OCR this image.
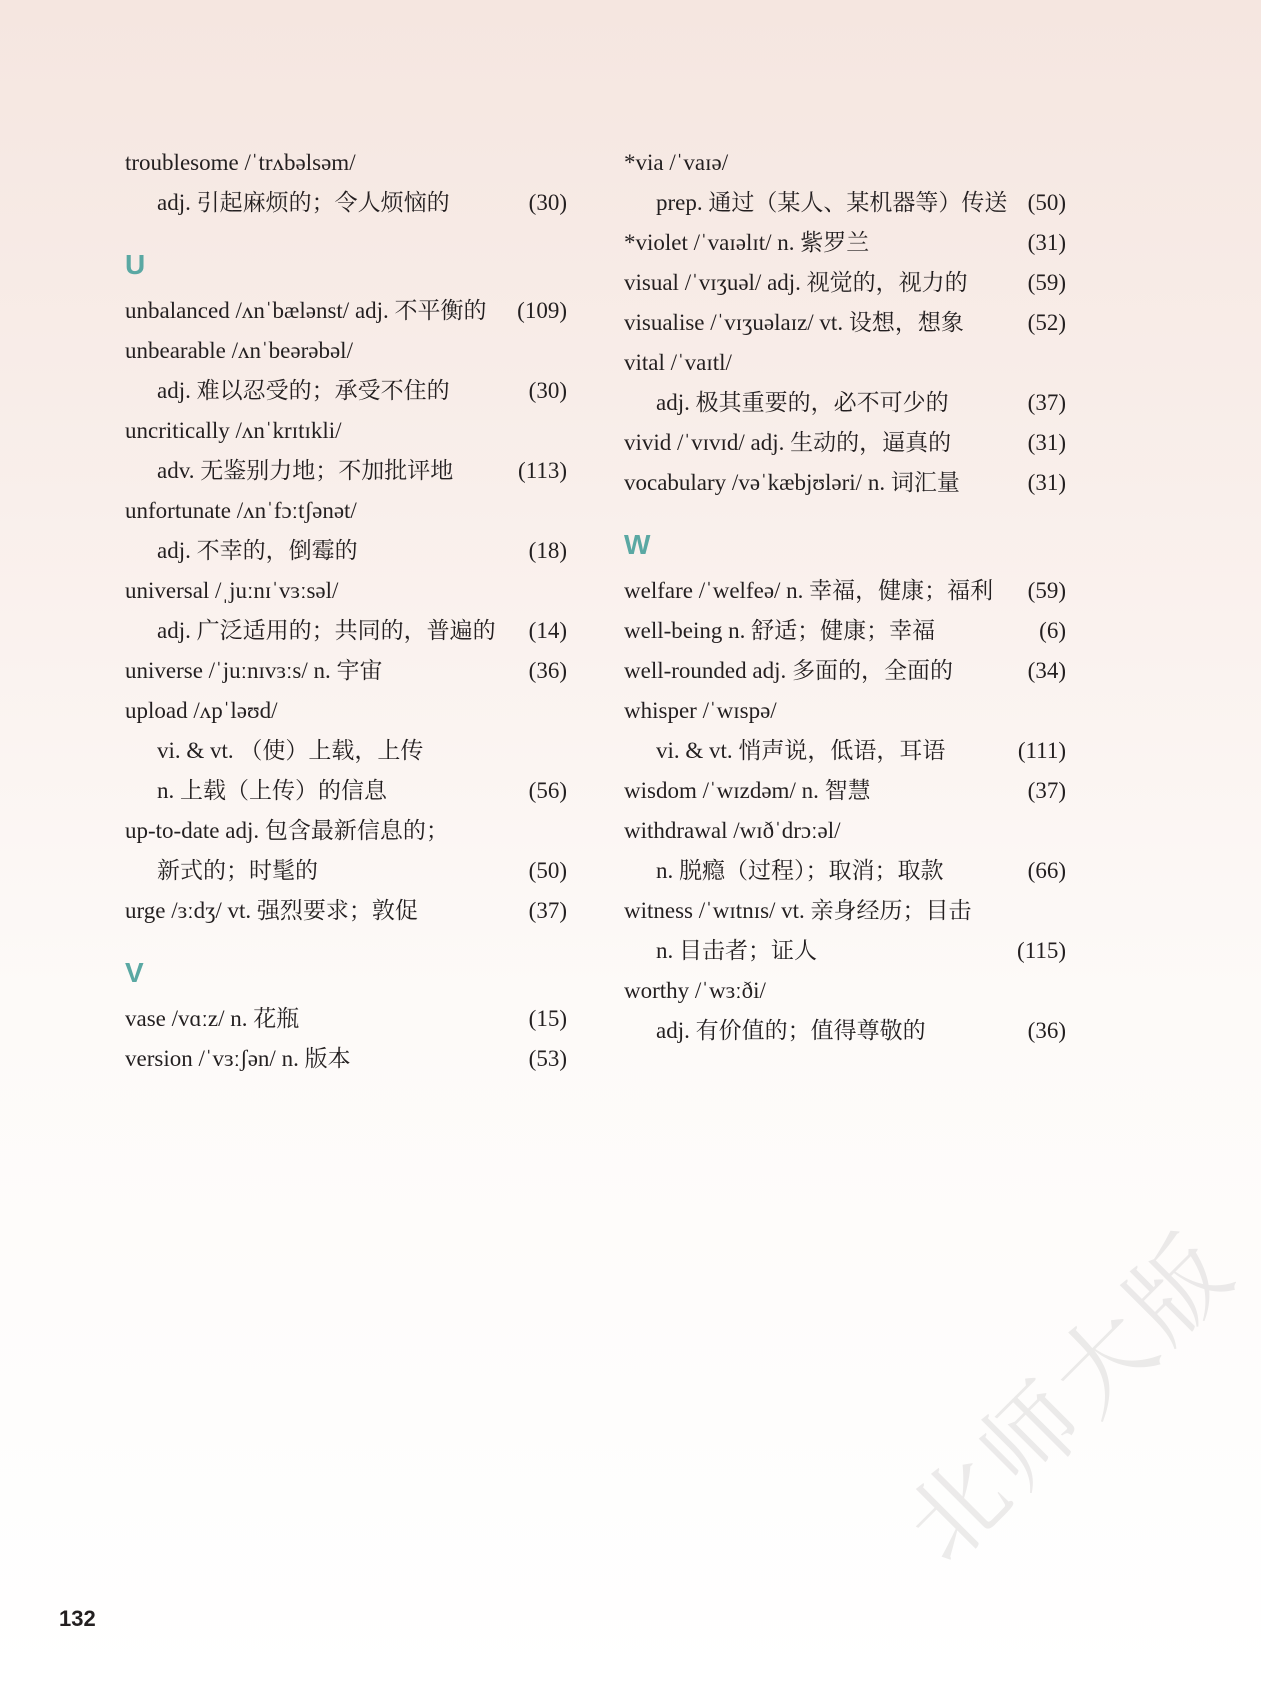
troublesome /ˈtrʌbəlsəm/
adj. 引起麻烦的；令人烦恼的	(30)
U
unbalanced /ʌnˈbælənst/ adj. 不平衡的 (109)
unbearable /ʌnˈbeərəbəl/
adj. 难以忍受的；承受不住的	(30)
uncritically /ʌnˈkrɪtɪkli/
adv. 无鉴别力地；不加批评地	(113)
unfortunate /ʌnˈfɔːtʃənət/
adj. 不幸的，倒霉的	(18)
universal /ˌjuːnɪˈvɜːsəl/
adj. 广泛适用的；共同的，普遍的 (14)
universe /ˈjuːnɪvɜːs/ n. 宇宙	(36)
upload /ʌpˈləʊd/
vi. & vt. （使）上载，上传
n. 上载（上传）的信息	(56)
up-to-date adj. 包含最新信息的；
新式的；时髦的	(50)
urge /ɜːdʒ/ vt. 强烈要求；敦促	(37)
V
vase /vɑːz/ n. 花瓶	(15)
version /ˈvɜːʃən/ n. 版本	(53)
*via /ˈvaɪə/
prep. 通过（某人、某机器等）传送 (50)
*violet /ˈvaɪəlɪt/ n. 紫罗兰	(31)
visual /ˈvɪʒuəl/ adj. 视觉的，视力的	(59)
visualise /ˈvɪʒuəlaɪz/ vt. 设想，想象	(52)
vital /ˈvaɪtl/
adj. 极其重要的，必不可少的	(37)
vivid /ˈvɪvɪd/ adj. 生动的，逼真的	(31)
vocabulary /vəˈkæbjʊləri/ n. 词汇量	(31)
W
welfare /ˈwelfeə/ n. 幸福，健康；福利 (59)
well-being n. 舒适；健康；幸福	(6)
well-rounded adj. 多面的，全面的	(34)
whisper /ˈwɪspə/
vi. & vt. 悄声说，低语，耳语	(111)
wisdom /ˈwɪzdəm/ n. 智慧	(37)
withdrawal /wɪðˈdrɔːəl/
n. 脱瘾（过程）；取消；取款	(66)
witness /ˈwɪtnɪs/ vt. 亲身经历；目击
n. 目击者；证人	(115)
worthy /ˈwɜːði/
adj. 有价值的；值得尊敬的	(36)
132
北师大版
